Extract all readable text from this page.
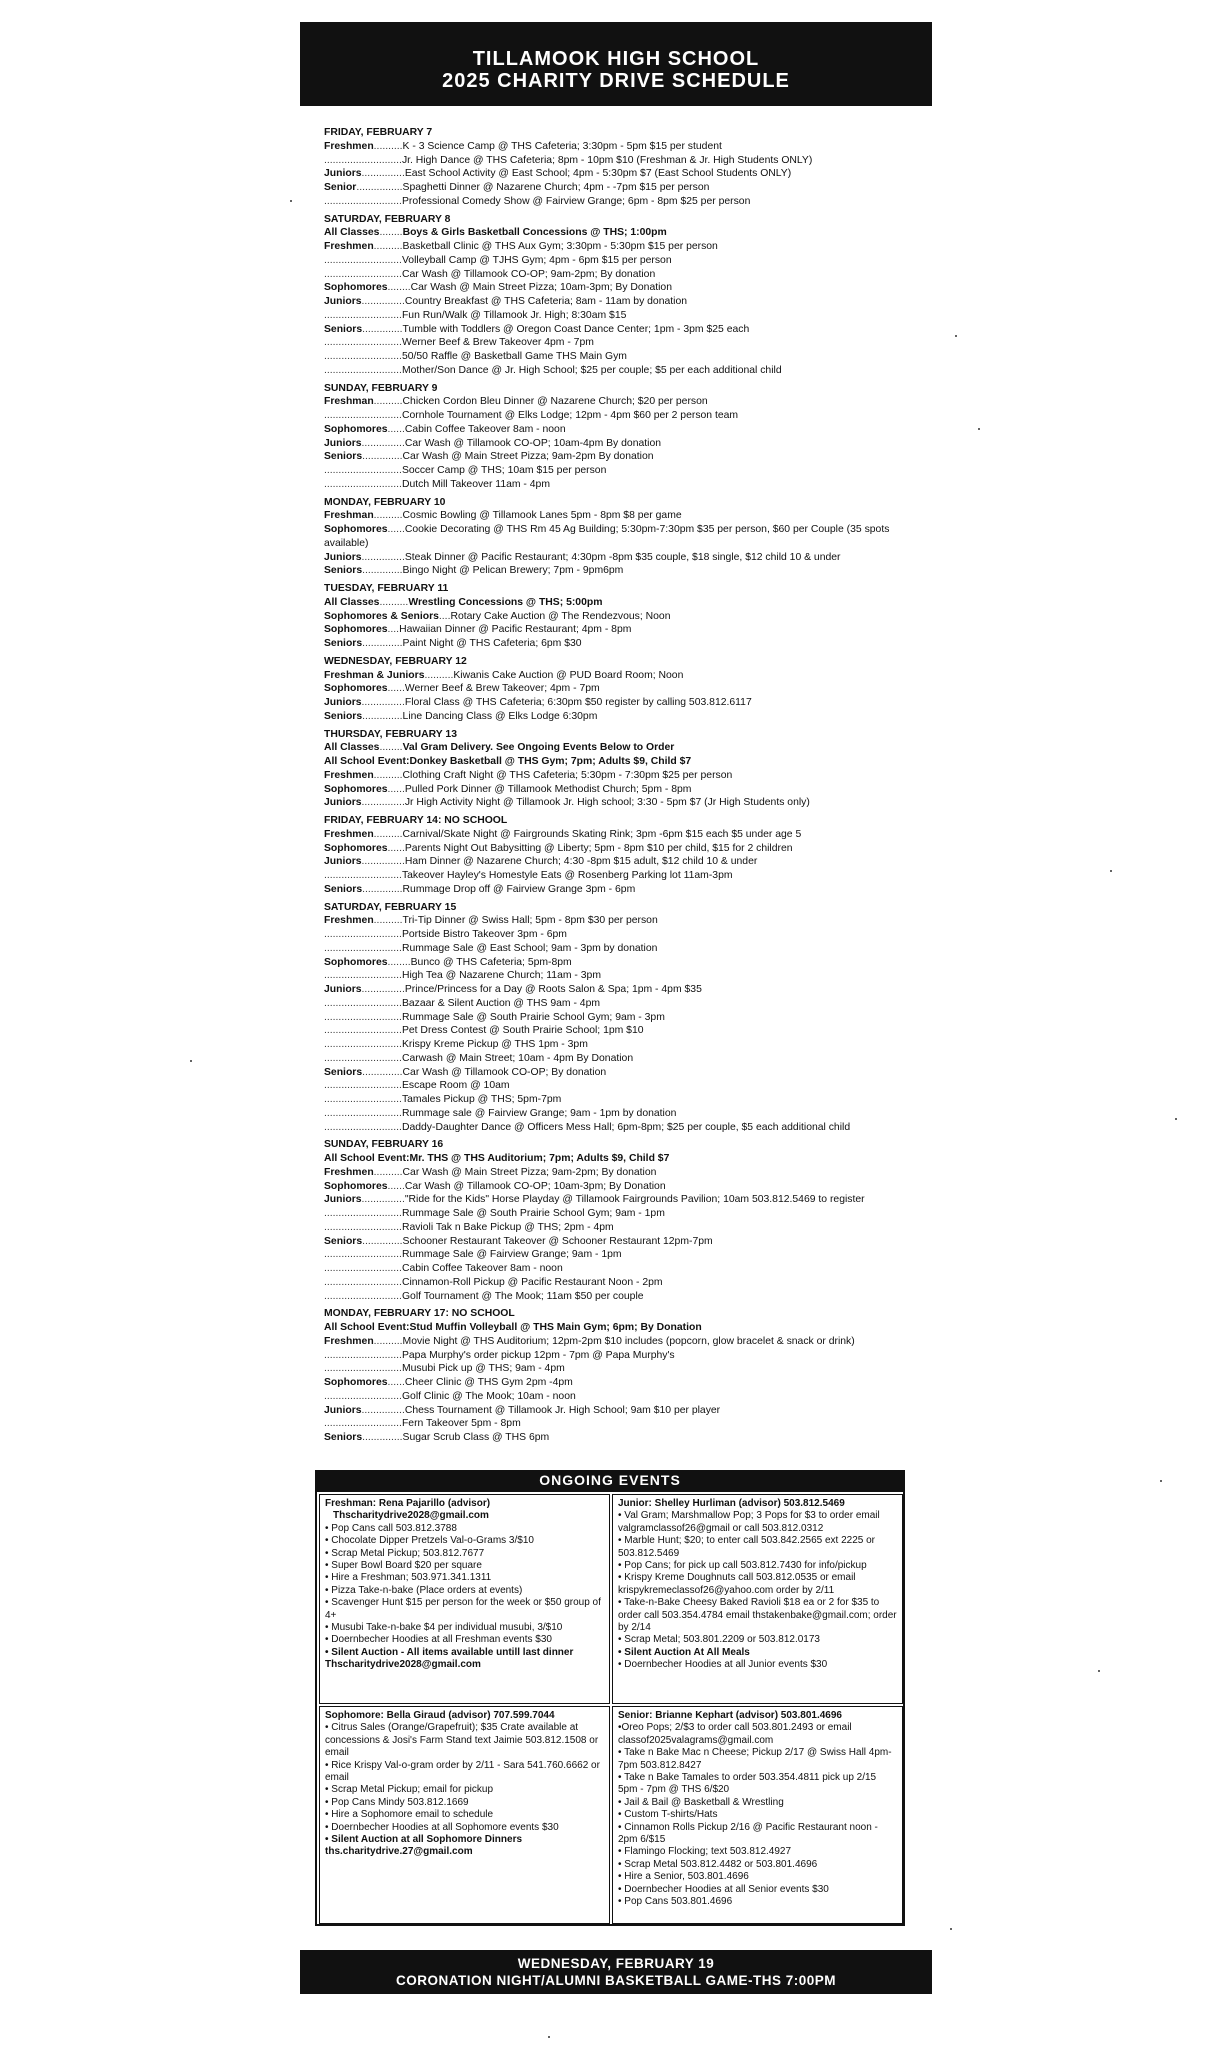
TILLAMOOK HIGH SCHOOL
2025 CHARITY DRIVE SCHEDULE
FRIDAY, FEBRUARY 7
Freshmen..........K - 3 Science Camp @ THS Cafeteria; 3:30pm - 5pm $15 per student
...........................Jr. High Dance @ THS Cafeteria; 8pm - 10pm $10 (Freshman & Jr. High Students ONLY)
Juniors...............East School Activity @ East School; 4pm - 5:30pm $7 (East School Students ONLY)
Senior................Spaghetti Dinner @ Nazarene Church; 4pm - -7pm $15 per person
...........................Professional Comedy Show @ Fairview Grange; 6pm - 8pm $25 per person
SATURDAY, FEBRUARY 8
All Classes........Boys & Girls Basketball Concessions @ THS; 1:00pm
Freshmen..........Basketball Clinic @ THS Aux Gym; 3:30pm - 5:30pm $15 per person
...........................Volleyball Camp @ TJHS Gym; 4pm - 6pm $15 per person
...........................Car Wash @ Tillamook CO-OP; 9am-2pm; By donation
Sophomores........Car Wash @ Main Street Pizza; 10am-3pm; By Donation
Juniors...............Country Breakfast @ THS Cafeteria; 8am - 11am by donation
...........................Fun Run/Walk @ Tillamook Jr. High; 8:30am $15
Seniors..............Tumble with Toddlers @ Oregon Coast Dance Center; 1pm - 3pm $25 each
...........................Werner Beef & Brew Takeover 4pm - 7pm
...........................50/50 Raffle @ Basketball Game THS Main Gym
...........................Mother/Son Dance @ Jr. High School; $25 per couple; $5 per each additional child
SUNDAY, FEBRUARY 9
Freshman..........Chicken Cordon Bleu Dinner @ Nazarene Church; $20 per person
...........................Cornhole Tournament @ Elks Lodge; 12pm - 4pm $60 per 2 person team
Sophomores......Cabin Coffee Takeover 8am - noon
Juniors...............Car Wash @ Tillamook CO-OP; 10am-4pm By donation
Seniors..............Car Wash @ Main Street Pizza; 9am-2pm By donation
...........................Soccer Camp @ THS; 10am $15 per person
...........................Dutch Mill Takeover 11am - 4pm
MONDAY, FEBRUARY 10
Freshman..........Cosmic Bowling @ Tillamook Lanes 5pm - 8pm $8 per game
Sophomores......Cookie Decorating @ THS Rm 45 Ag Building; 5:30pm-7:30pm $35 per person, $60 per Couple (35 spots available)
Juniors...............Steak Dinner @ Pacific Restaurant; 4:30pm -8pm $35 couple, $18 single, $12 child 10 & under
Seniors..............Bingo Night @ Pelican Brewery; 7pm - 9pm6pm
TUESDAY, FEBRUARY 11
All Classes..........Wrestling Concessions @ THS; 5:00pm
Sophomores & Seniors....Rotary Cake Auction @ The Rendezvous; Noon
Sophomores....Hawaiian Dinner @ Pacific Restaurant; 4pm - 8pm
Seniors..............Paint Night @ THS Cafeteria; 6pm $30
WEDNESDAY, FEBRUARY 12
Freshman & Juniors..........Kiwanis Cake Auction @ PUD Board Room; Noon
Sophomores......Werner Beef & Brew Takeover; 4pm - 7pm
Juniors...............Floral Class @ THS Cafeteria; 6:30pm $50 register by calling 503.812.6117
Seniors..............Line Dancing Class @ Elks Lodge 6:30pm
THURSDAY, FEBRUARY 13
All Classes........Val Gram Delivery. See Ongoing Events Below to Order
All School Event:Donkey Basketball @ THS Gym; 7pm; Adults $9, Child $7
Freshmen..........Clothing Craft Night @ THS Cafeteria; 5:30pm - 7:30pm $25 per person
Sophomores......Pulled Pork Dinner @ Tillamook Methodist Church; 5pm - 8pm
Juniors...............Jr High Activity Night @ Tillamook Jr. High school; 3:30 - 5pm $7 (Jr High Students only)
FRIDAY, FEBRUARY 14: NO SCHOOL
Freshmen..........Carnival/Skate Night @ Fairgrounds Skating Rink; 3pm -6pm $15 each $5 under age 5
Sophomores......Parents Night Out Babysitting @ Liberty; 5pm - 8pm $10 per child, $15 for 2 children
Juniors...............Ham Dinner @ Nazarene Church; 4:30 -8pm $15 adult, $12 child 10 & under
...........................Takeover Hayley's Homestyle Eats @ Rosenberg Parking lot 11am-3pm
Seniors..............Rummage Drop off @ Fairview Grange 3pm - 6pm
SATURDAY, FEBRUARY 15
Freshmen..........Tri-Tip Dinner @ Swiss Hall; 5pm - 8pm $30 per person
...........................Portside Bistro Takeover 3pm - 6pm
...........................Rummage Sale @ East School; 9am - 3pm by donation
Sophomores........Bunco @ THS Cafeteria; 5pm-8pm
...........................High Tea @ Nazarene Church; 11am - 3pm
Juniors...............Prince/Princess for a Day @ Roots Salon & Spa; 1pm - 4pm $35
...........................Bazaar & Silent Auction @ THS 9am - 4pm
...........................Rummage Sale @ South Prairie School Gym; 9am - 3pm
...........................Pet Dress Contest @ South Prairie School; 1pm $10
...........................Krispy Kreme Pickup @ THS 1pm - 3pm
...........................Carwash @ Main Street; 10am - 4pm By Donation
Seniors..............Car Wash @ Tillamook CO-OP; By donation
...........................Escape Room @ 10am
...........................Tamales Pickup @ THS; 5pm-7pm
...........................Rummage sale @ Fairview Grange; 9am - 1pm by donation
...........................Daddy-Daughter Dance @ Officers Mess Hall; 6pm-8pm; $25 per couple, $5 each additional child
SUNDAY, FEBRUARY 16
All School Event:Mr. THS @ THS Auditorium; 7pm; Adults $9, Child $7
Freshmen..........Car Wash @ Main Street Pizza; 9am-2pm; By donation
Sophomores......Car Wash @ Tillamook CO-OP; 10am-3pm; By Donation
Juniors..............."Ride for the Kids" Horse Playday @ Tillamook Fairgrounds Pavilion; 10am 503.812.5469 to register
...........................Rummage Sale @ South Prairie School Gym; 9am - 1pm
...........................Ravioli Tak n Bake Pickup @ THS; 2pm - 4pm
Seniors..............Schooner Restaurant Takeover @ Schooner Restaurant 12pm-7pm
...........................Rummage Sale @ Fairview Grange; 9am - 1pm
...........................Cabin Coffee Takeover 8am - noon
...........................Cinnamon-Roll Pickup @ Pacific Restaurant Noon - 2pm
...........................Golf Tournament @ The Mook; 11am $50 per couple
MONDAY, FEBRUARY 17: NO SCHOOL
All School Event:Stud Muffin Volleyball @ THS Main Gym; 6pm; By Donation
Freshmen..........Movie Night @ THS Auditorium; 12pm-2pm $10 includes (popcorn, glow bracelet & snack or drink)
...........................Papa Murphy's order pickup 12pm - 7pm @ Papa Murphy's
...........................Musubi Pick up @ THS; 9am - 4pm
Sophomores......Cheer Clinic @ THS Gym 2pm -4pm
...........................Golf Clinic @ The Mook; 10am - noon
Juniors...............Chess Tournament @ Tillamook Jr. High School; 9am $10 per player
...........................Fern Takeover 5pm - 8pm
Seniors..............Sugar Scrub Class @ THS 6pm
ONGOING EVENTS
Freshman: Rena Pajarillo (advisor)
Thscharitydrive2028@gmail.com
• Pop Cans call 503.812.3788
• Chocolate Dipper Pretzels Val-o-Grams 3/$10
• Scrap Metal Pickup; 503.812.7677
• Super Bowl Board $20 per square
• Hire a Freshman; 503.971.341.1311
• Pizza Take-n-bake (Place orders at events)
• Scavenger Hunt $15 per person for the week or $50 group of 4+
• Musubi Take-n-bake $4 per individual musubi, 3/$10
• Doernbecher Hoodies at all Freshman events $30
• Silent Auction - All items available untill last dinner
Thscharitydrive2028@gmail.com
Junior: Shelley Hurliman (advisor) 503.812.5469
• Val Gram; Marshmallow Pop; 3 Pops for $3 to order email valgramclassof26@gmail or call 503.812.0312
• Marble Hunt; $20; to enter call 503.842.2565 ext 2225 or 503.812.5469
• Pop Cans; for pick up call 503.812.7430 for info/pickup
• Krispy Kreme Doughnuts call 503.812.0535 or email krispykremeclassof26@yahoo.com order by 2/11
• Take-n-Bake Cheesy Baked Ravioli $18 ea or 2 for $35 to order call 503.354.4784 email thstakenbake@gmail.com; order by 2/14
• Scrap Metal; 503.801.2209 or 503.812.0173
• Silent Auction At All Meals
• Doernbecher Hoodies at all Junior events $30
Sophomore: Bella Giraud (advisor) 707.599.7044
• Citrus Sales (Orange/Grapefruit); $35 Crate available at concessions & Josi's Farm Stand text Jaimie 503.812.1508 or email
• Rice Krispy Val-o-gram order by 2/11 - Sara 541.760.6662 or email
• Scrap Metal Pickup; email for pickup
• Pop Cans Mindy 503.812.1669
• Hire a Sophomore email to schedule
• Doernbecher Hoodies at all Sophomore events $30
• Silent Auction at all Sophomore Dinners
ths.charitydrive.27@gmail.com
Senior: Brianne Kephart (advisor) 503.801.4696
•Oreo Pops; 2/$3 to order call 503.801.2493 or email classof2025valagrams@gmail.com
• Take n Bake Mac n Cheese; Pickup 2/17 @ Swiss Hall 4pm-7pm 503.812.8427
• Take n Bake Tamales to order 503.354.4811 pick up 2/15 5pm - 7pm @ THS 6/$20
• Jail & Bail @ Basketball & Wrestling
• Custom T-shirts/Hats
• Cinnamon Rolls Pickup 2/16 @ Pacific Restaurant noon - 2pm 6/$15
• Flamingo Flocking; text 503.812.4927
• Scrap Metal 503.812.4482 or 503.801.4696
• Hire a Senior, 503.801.4696
• Doernbecher Hoodies at all Senior events $30
• Pop Cans 503.801.4696
WEDNESDAY, FEBRUARY 19
CORONATION NIGHT/ALUMNI BASKETBALL GAME-THS 7:00PM
